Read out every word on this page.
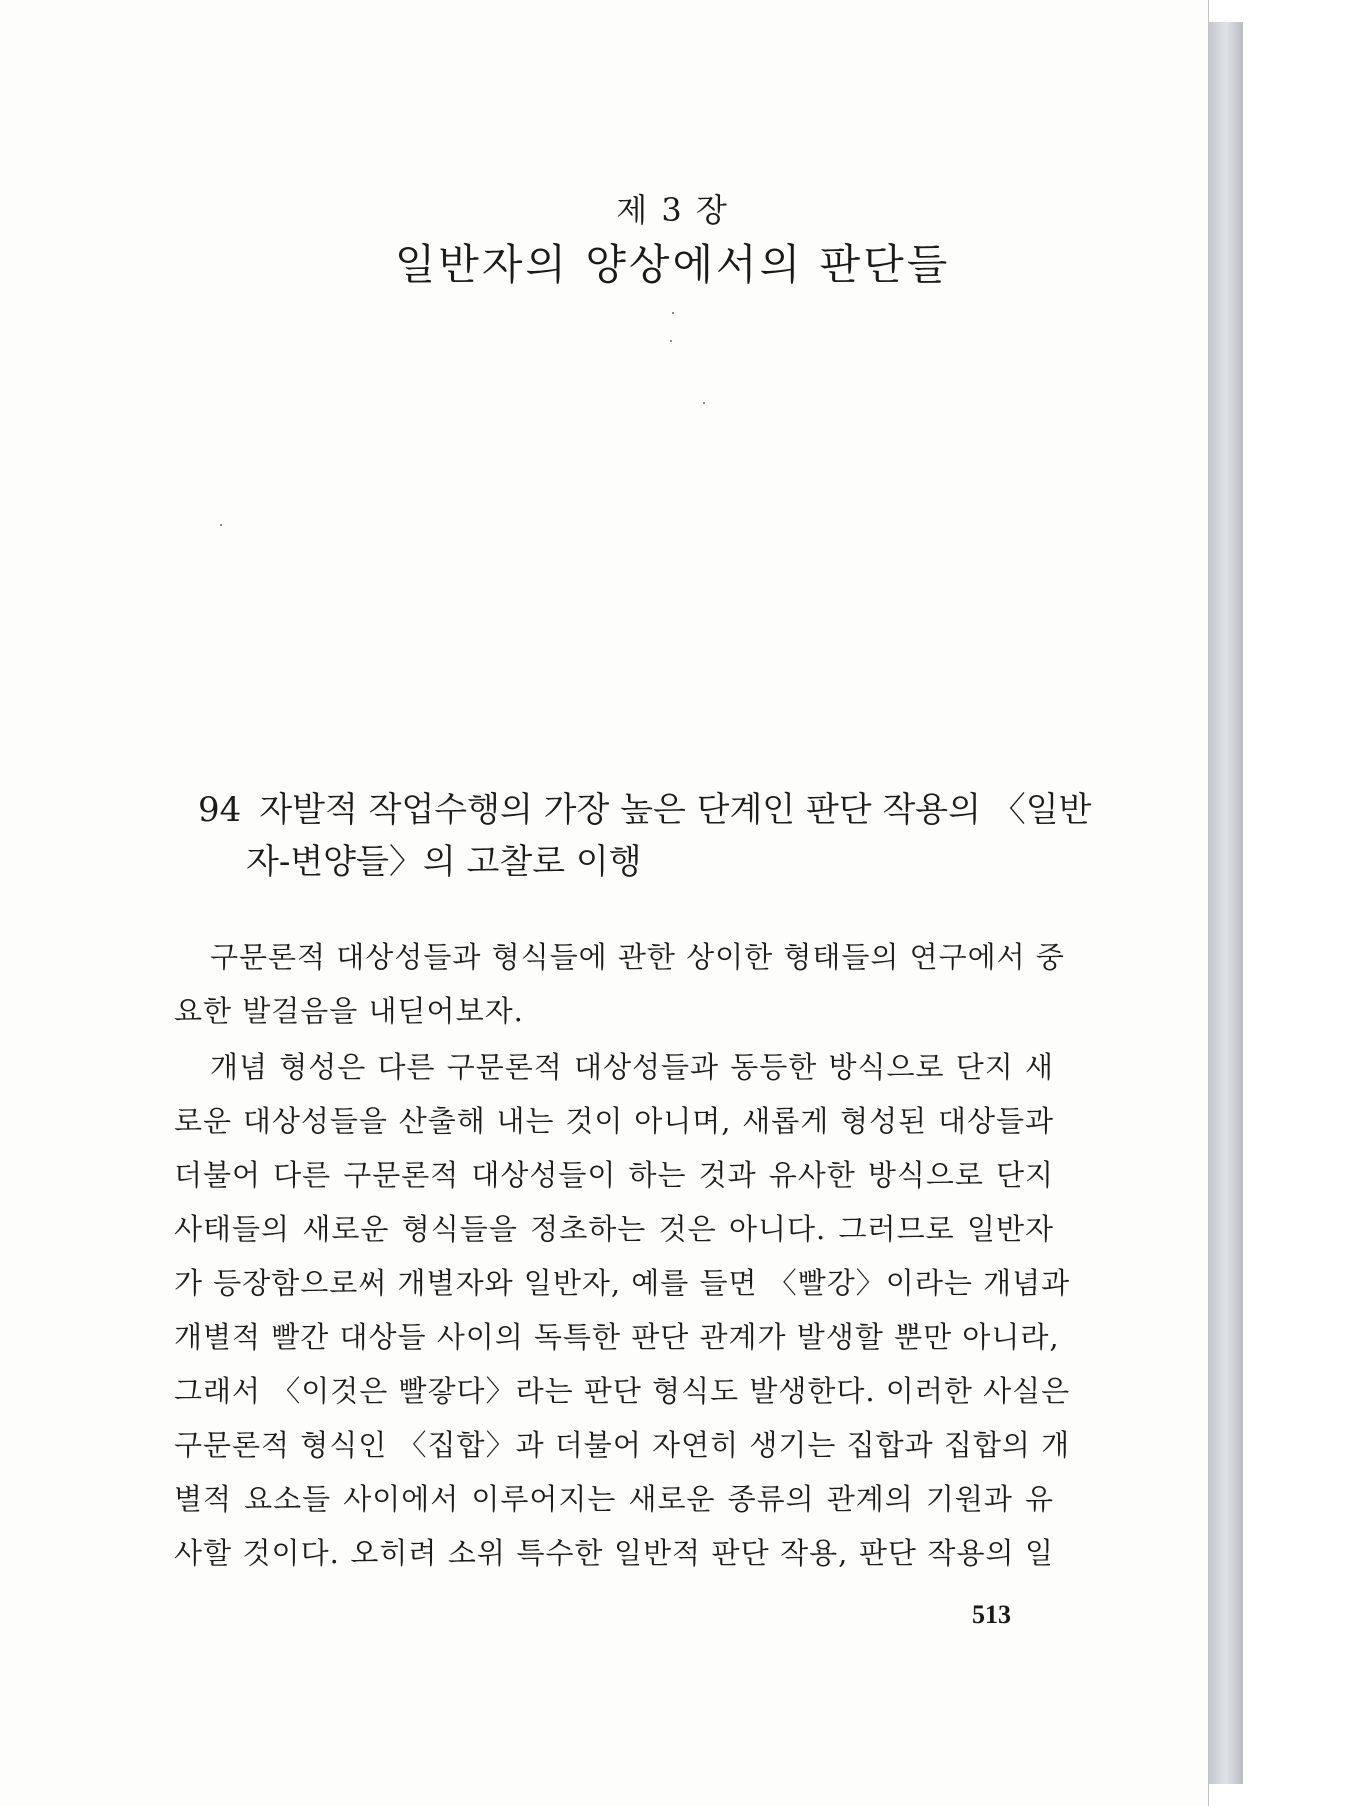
제 3 장
일반자의 양상에서의 판단들
94 자발적 작업수행의 가장 높은 단계인 판단 작용의 〈일반
자-변양들〉의 고찰로 이행
구문론적 대상성들과 형식들에 관한 상이한 형태들의 연구에서 중
요한 발걸음을 내딛어보자.
개념 형성은 다른 구문론적 대상성들과 동등한 방식으로 단지 새
로운 대상성들을 산출해 내는 것이 아니며, 새롭게 형성된 대상들과
더불어 다른 구문론적 대상성들이 하는 것과 유사한 방식으로 단지
사태들의 새로운 형식들을 정초하는 것은 아니다. 그러므로 일반자
가 등장함으로써 개별자와 일반자, 예를 들면 〈빨강〉이라는 개념과
개별적 빨간 대상들 사이의 독특한 판단 관계가 발생할 뿐만 아니라,
그래서 〈이것은 빨갛다〉라는 판단 형식도 발생한다. 이러한 사실은
구문론적 형식인 〈집합〉과 더불어 자연히 생기는 집합과 집합의 개
별적 요소들 사이에서 이루어지는 새로운 종류의 관계의 기원과 유
사할 것이다. 오히려 소위 특수한 일반적 판단 작용, 판단 작용의 일
513
